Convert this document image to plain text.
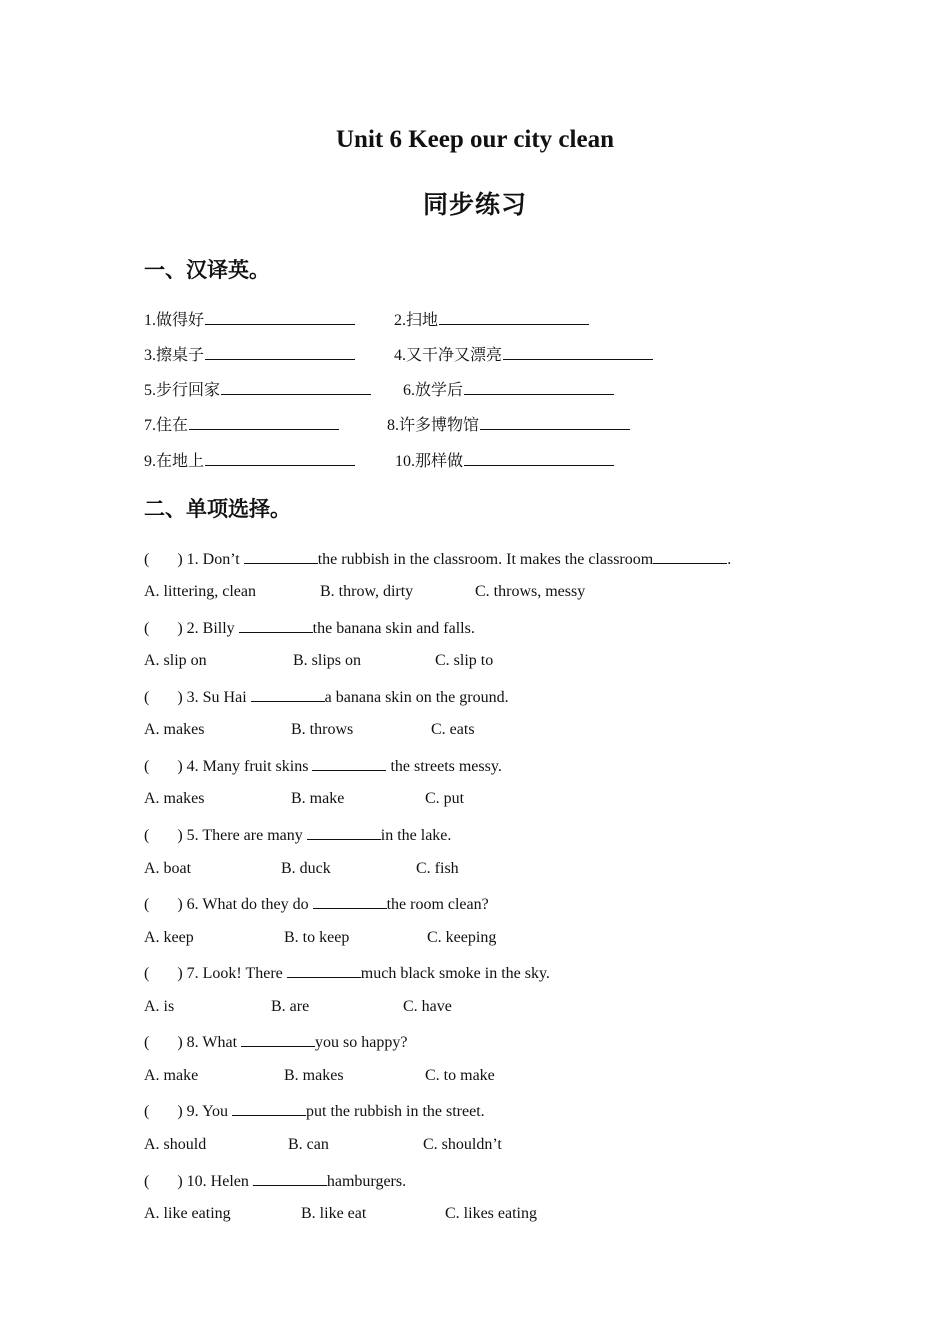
Unit 6 Keep our city clean
同步练习
一、汉译英。
1.做得好	2.扫地
3.擦桌子	4.又干净又漂亮
5.步行回家	6.放学后
7.住在	8.许多博物馆
9.在地上	10.那样做
二、单项选择。
( ) 1. Don’t	the rubbish in the classroom. It makes the classroom	.
A. littering, clean	B. throw, dirty	C. throws, messy
( ) 2. Billy	the banana skin and falls.
A. slip on	B. slips on	C. slip to
( ) 3. Su Hai	a banana skin on the ground.
A. makes	B. throws	C. eats
( ) 4. Many fruit skins	the streets messy.
A. makes	B. make	C. put
( ) 5. There are many	in the lake.
A. boat	B. duck	C. fish
( ) 6. What do they do	the room clean?
A. keep	B. to keep	C. keeping
( ) 7. Look! There	much black smoke in the sky.
A. is	B. are	C. have
( ) 8. What	you so happy?
A. make	B. makes	C. to make
( ) 9. You	put the rubbish in the street.
A. should	B. can	C. shouldn’t
( ) 10. Helen	hamburgers.
A. like eating	B. like eat	C. likes eating
